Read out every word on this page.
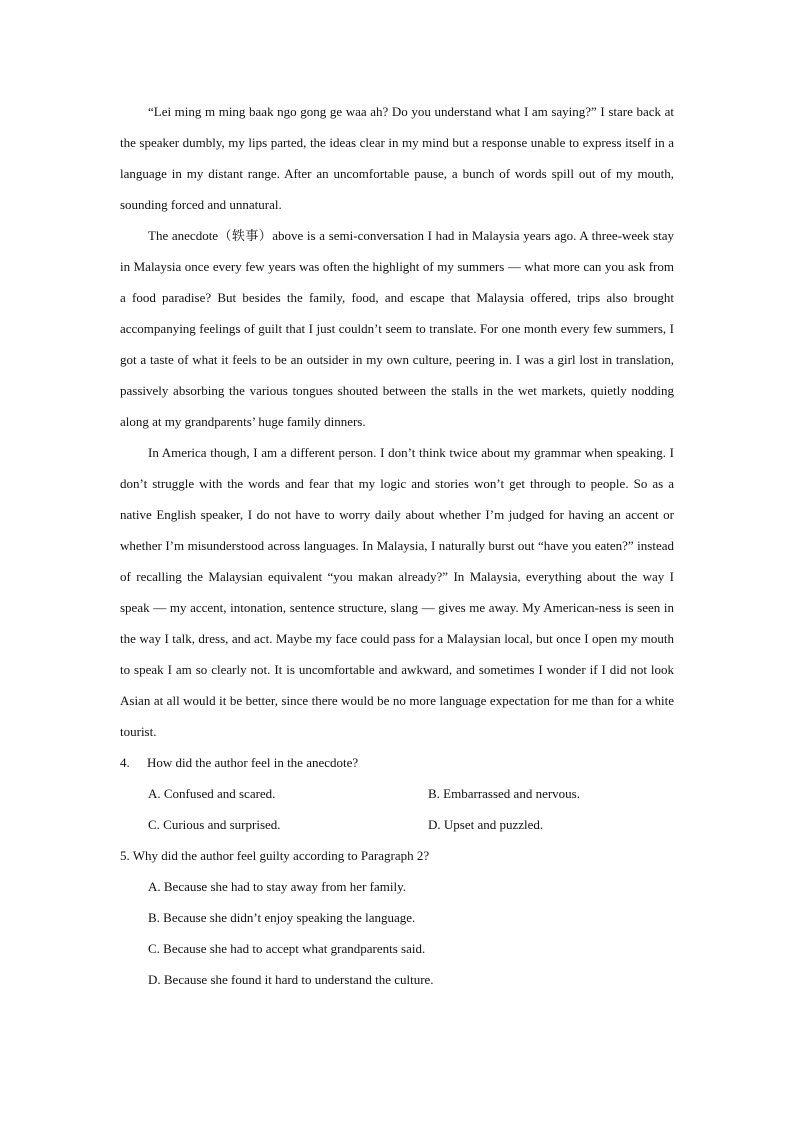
“Lei ming m ming baak ngo gong ge waa ah? Do you understand what I am saying?” I stare back at the speaker dumbly, my lips parted, the ideas clear in my mind but a response unable to express itself in a language in my distant range. After an uncomfortable pause, a bunch of words spill out of my mouth, sounding forced and unnatural.

The anecdote（轶事）above is a semi-conversation I had in Malaysia years ago. A three-week stay in Malaysia once every few years was often the highlight of my summers — what more can you ask from a food paradise? But besides the family, food, and escape that Malaysia offered, trips also brought accompanying feelings of guilt that I just couldn’t seem to translate. For one month every few summers, I got a taste of what it feels to be an outsider in my own culture, peering in. I was a girl lost in translation, passively absorbing the various tongues shouted between the stalls in the wet markets, quietly nodding along at my grandparents’ huge family dinners.

In America though, I am a different person. I don’t think twice about my grammar when speaking. I don’t struggle with the words and fear that my logic and stories won’t get through to people. So as a native English speaker, I do not have to worry daily about whether I’m judged for having an accent or whether I’m misunderstood across languages. In Malaysia, I naturally burst out “have you eaten?” instead of recalling the Malaysian equivalent “you makan already?” In Malaysia, everything about the way I speak — my accent, intonation, sentence structure, slang — gives me away. My American-ness is seen in the way I talk, dress, and act. Maybe my face could pass for a Malaysian local, but once I open my mouth to speak I am so clearly not. It is uncomfortable and awkward, and sometimes I wonder if I did not look Asian at all would it be better, since there would be no more language expectation for me than for a white tourist.

4. How did the author feel in the anecdote?
A. Confused and scared.	B. Embarrassed and nervous.
C. Curious and surprised.	D. Upset and puzzled.
5. Why did the author feel guilty according to Paragraph 2?
A. Because she had to stay away from her family.
B. Because she didn’t enjoy speaking the language.
C. Because she had to accept what grandparents said.
D. Because she found it hard to understand the culture.
